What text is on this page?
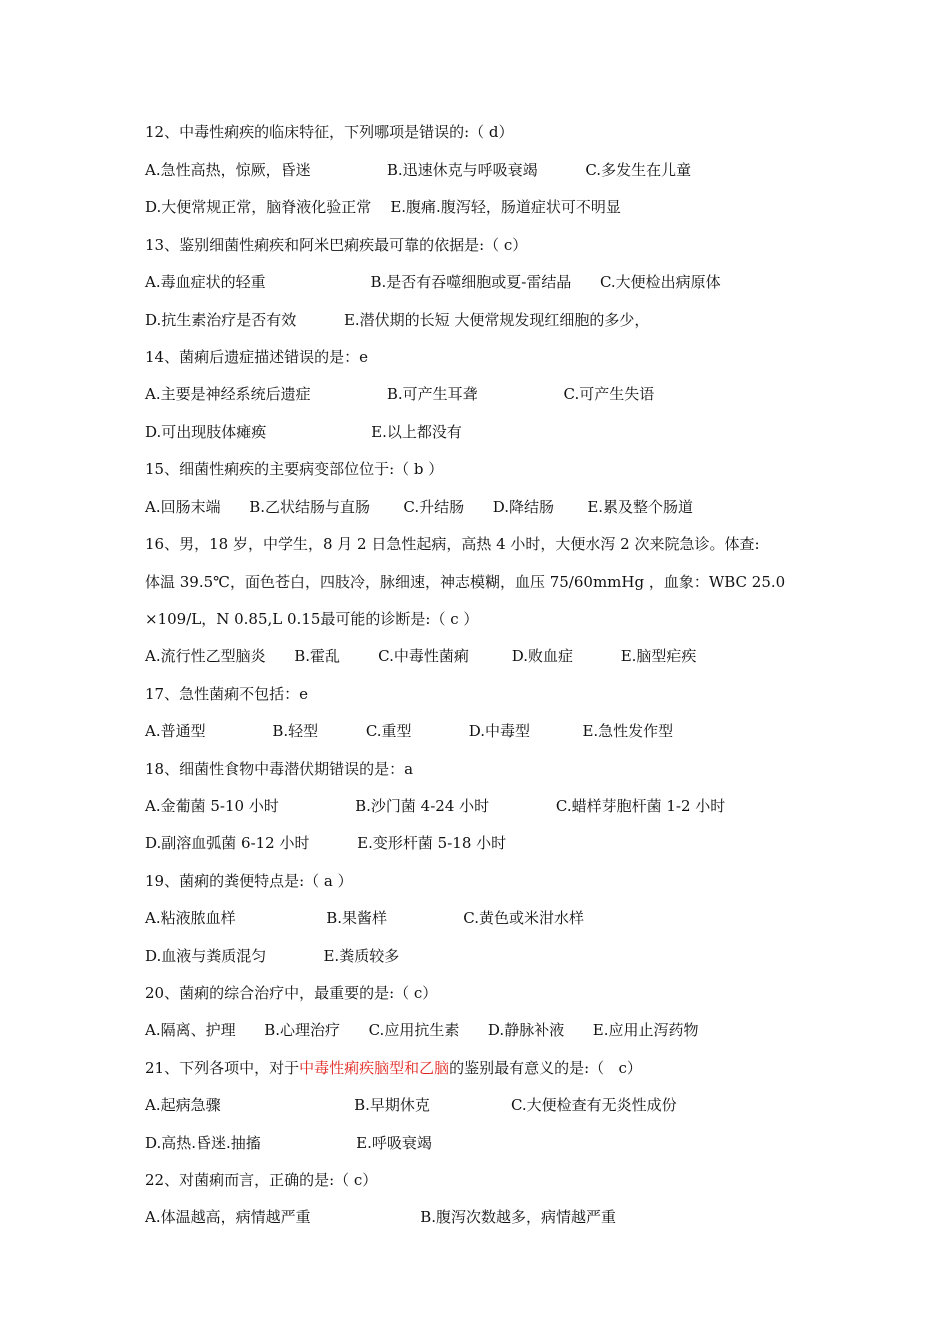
12、中毒性痢疾的临床特征，下列哪项是错误的:（ d）
A.急性高热，惊厥，昏迷                B.迅速休克与呼吸衰竭          C.多发生在儿童
D.大便常规正常，脑脊液化验正常    E.腹痛.腹泻轻，肠道症状可不明显
13、鉴别细菌性痢疾和阿米巴痢疾最可靠的依据是:（ c）
A.毒血症状的轻重                      B.是否有吞噬细胞或夏-雷结晶      C.大便检出病原体
D.抗生素治疗是否有效          E.潜伏期的长短 大便常规发现红细胞的多少，
14、菌痢后遗症描述错误的是：e
A.主要是神经系统后遗症                B.可产生耳聋                  C.可产生失语
D.可出现肢体瘫痪                      E.以上都没有
15、细菌性痢疾的主要病变部位位于:（ b ）
A.回肠末端      B.乙状结肠与直肠       C.升结肠      D.降结肠       E.累及整个肠道
16、男，18 岁，中学生，8 月 2 日急性起病，高热 4 小时，大便水泻 2 次来院急诊。体查:
体温 39.5℃，面色苍白，四肢冷，脉细速，神志模糊，血压 75/60mmHg ，血象：WBC 25.0
×109/L，N 0.85,L 0.15最可能的诊断是:（ c ）
A.流行性乙型脑炎      B.霍乱        C.中毒性菌痢         D.败血症          E.脑型疟疾
17、急性菌痢不包括：e
A.普通型              B.轻型          C.重型            D.中毒型           E.急性发作型
18、细菌性食物中毒潜伏期错误的是：a
A.金葡菌 5-10 小时                B.沙门菌 4-24 小时              C.蜡样芽胞杆菌 1-2 小时
D.副溶血弧菌 6-12 小时          E.变形杆菌 5-18 小时
19、菌痢的粪便特点是:（ a ）
A.粘液脓血样                   B.果酱样                C.黄色或米泔水样
D.血液与粪质混匀            E.粪质较多
20、菌痢的综合治疗中，最重要的是:（ c）
A.隔离、护理      B.心理治疗      C.应用抗生素      D.静脉补液      E.应用止泻药物
21、下列各项中，对于中毒性痢疾脑型和乙脑的鉴别最有意义的是:（   c）
A.起病急骤                            B.早期休克                 C.大便检查有无炎性成份
D.高热.昏迷.抽搐                    E.呼吸衰竭
22、对菌痢而言，正确的是:（ c）
A.体温越高，病情越严重                       B.腹泻次数越多，病情越严重
